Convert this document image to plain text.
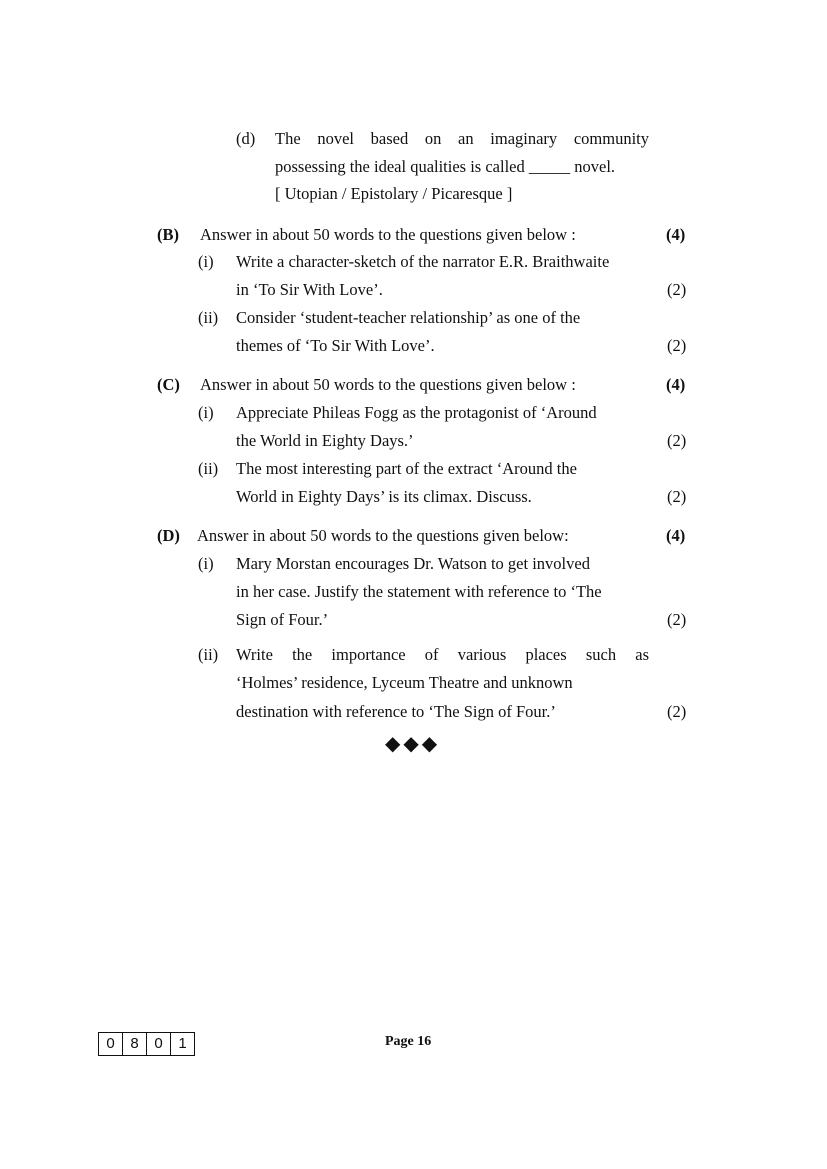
(d) The novel based on an imaginary community
possessing the ideal qualities is called _____ novel.
[ Utopian / Epistolary / Picaresque ]
(B) Answer in about 50 words to the questions given below :	(4)
(i) Write a character-sketch of the narrator E.R. Braithwaite
in ‘To Sir With Love’.	(2)
(ii) Consider ‘student-teacher relationship’ as one of the
themes of ‘To Sir With Love’.	(2)
(C) Answer in about 50 words to the questions given below :	(4)
(i) Appreciate Phileas Fogg as the protagonist of ‘Around
the World in Eighty Days.’	(2)
(ii) The most interesting part of the extract ‘Around the
World in Eighty Days’ is its climax. Discuss.	(2)
(D) Answer in about 50 words to the questions given below:	(4)
(i) Mary Morstan encourages Dr. Watson to get involved
in her case. Justify the statement with reference to ‘The
Sign of Four.’	(2)
(ii) Write the importance of various places such as
‘Holmes’ residence, Lyceum Theatre and unknown
destination with reference to ‘The Sign of Four.’	(2)
◆◆◆
0	8	0	1	Page 16
